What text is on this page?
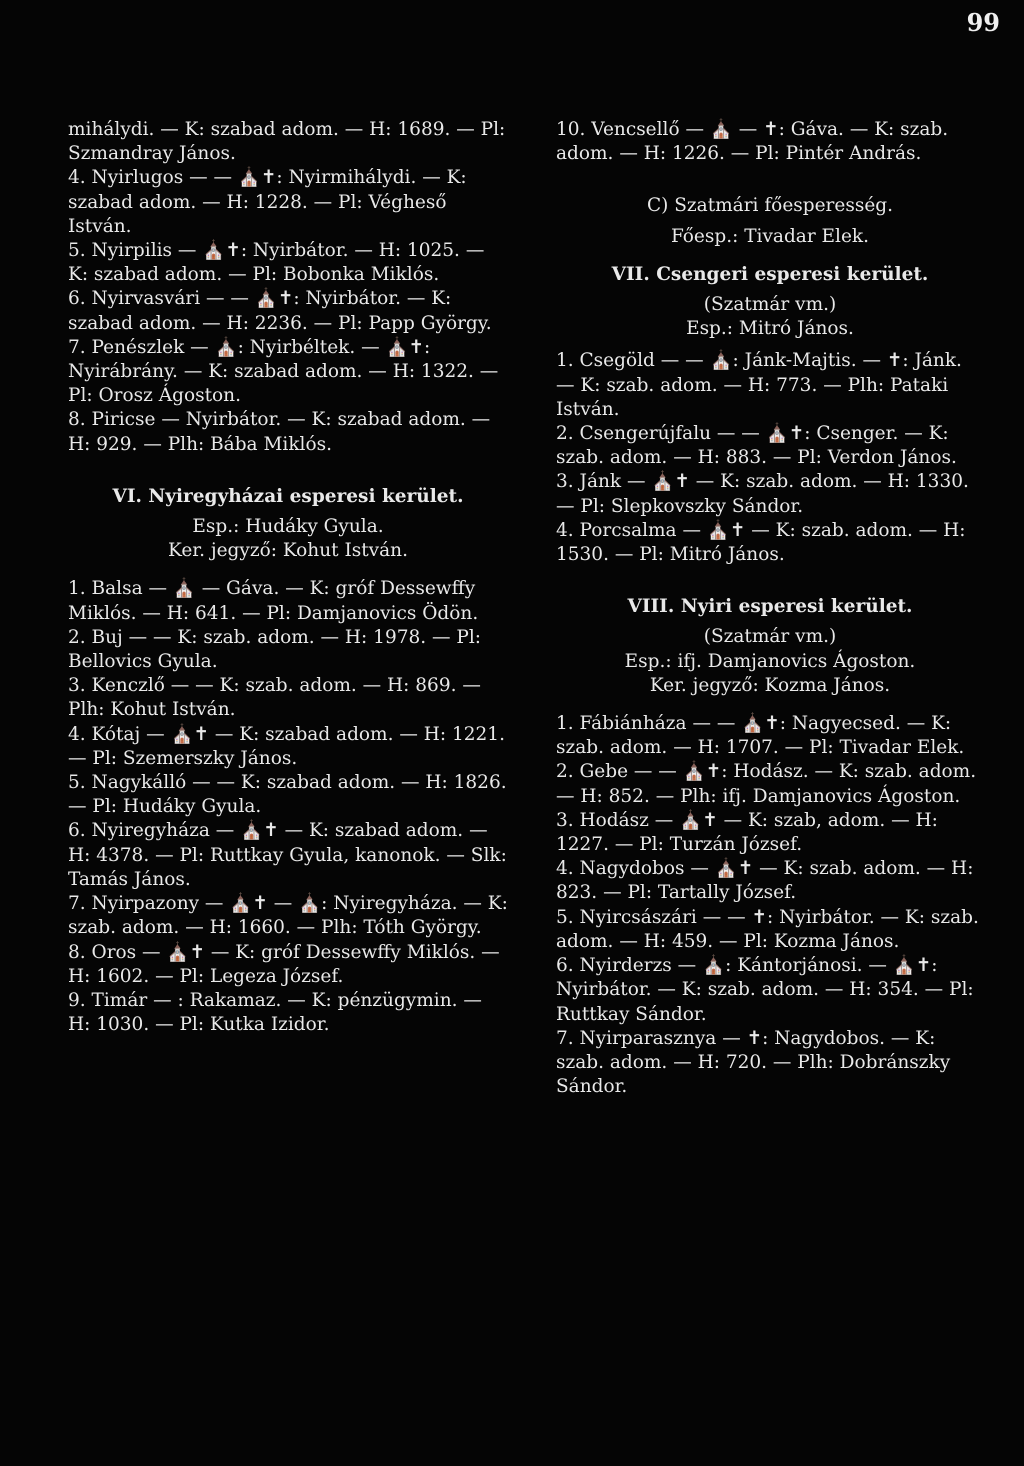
99

mihálydi. — K: szabad adom. — H: 1689. — Pl: Szmandray János.

4. Nyirlugos — — ⛪✝: Nyirmihálydi. — K: szabad adom. — H: 1228. — Pl: Végheső István.

5. Nyirpilis — ⛪✝: Nyirbátor. — H: 1025. — K: szabad adom. — Pl: Bobonka Miklós.

6. Nyirvasvári — — ⛪✝: Nyirbátor. — K: szabad adom. — H: 2236. — Pl: Papp György.

7. Penészlek — ⛪: Nyirbéltek. — ⛪✝: Nyirábrány. — K: szabad adom. — H: 1322. — Pl: Orosz Ágoston.

8. Piricse — Nyirbátor. — K: szabad adom. — H: 929. — Plh: Bába Miklós.

VI. Nyiregyházai esperesi kerület.

Esp.: Hudáky Gyula.

Ker. jegyző: Kohut István.

1. Balsa — ⛪ — Gáva. — K: gróf Dessewffy Miklós. — H: 641. — Pl: Damjanovics Ödön.

2. Buj — — K: szab. adom. — H: 1978. — Pl: Bellovics Gyula.

3. Kenczlő — — K: szab. adom. — H: 869. — Plh: Kohut István.

4. Kótaj — ⛪✝ — K: szabad adom. — H: 1221. — Pl: Szemerszky János.

5. Nagykálló — — K: szabad adom. — H: 1826. — Pl: Hudáky Gyula.

6. Nyiregyháza — ⛪✝ — K: szabad adom. — H: 4378. — Pl: Ruttkay Gyula, kanonok. — Slk: Tamás János.

7. Nyirpazony — ⛪✝ — ⛪: Nyiregyháza. — K: szab. adom. — H: 1660. — Plh: Tóth György.

8. Oros — ⛪✝ — K: gróf Dessewffy Miklós. — H: 1602. — Pl: Legeza József.

9. Timár — : Rakamaz. — K: pénzügymin. — H: 1030. — Pl: Kutka Izidor.

10. Vencsellő — ⛪ — ✝: Gáva. — K: szab. adom. — H: 1226. — Pl: Pintér András.

C) Szatmári főesperesség.

Főesp.: Tivadar Elek.

VII. Csengeri esperesi kerület.

(Szatmár vm.)

Esp.: Mitró János.

1. Csegöld — — ⛪: Jánk-Majtis. — ✝: Jánk. — K: szab. adom. — H: 773. — Plh: Pataki István.

2. Csengerújfalu — — ⛪✝: Csenger. — K: szab. adom. — H: 883. — Pl: Verdon János.

3. Jánk — ⛪✝ — K: szab. adom. — H: 1330. — Pl: Slepkovszky Sándor.

4. Porcsalma — ⛪✝ — K: szab. adom. — H: 1530. — Pl: Mitró János.

VIII. Nyiri esperesi kerület.

(Szatmár vm.)

Esp.: ifj. Damjanovics Ágoston.

Ker. jegyző: Kozma János.

1. Fábiánháza — — ⛪✝: Nagyecsed. — K: szab. adom. — H: 1707. — Pl: Tivadar Elek.

2. Gebe — — ⛪✝: Hodász. — K: szab. adom. — H: 852. — Plh: ifj. Damjanovics Ágoston.

3. Hodász — ⛪✝ — K: szab, adom. — H: 1227. — Pl: Turzán József.

4. Nagydobos — ⛪✝ — K: szab. adom. — H: 823. — Pl: Tartally József.

5. Nyircsászári — — ✝: Nyirbátor. — K: szab. adom. — H: 459. — Pl: Kozma János.

6. Nyirderzs — ⛪: Kántorjánosi. — ⛪✝: Nyirbátor. — K: szab. adom. — H: 354. — Pl: Ruttkay Sándor.

7. Nyirparasznya — ✝: Nagydobos. — K: szab. adom. — H: 720. — Plh: Dobránszky Sándor.
